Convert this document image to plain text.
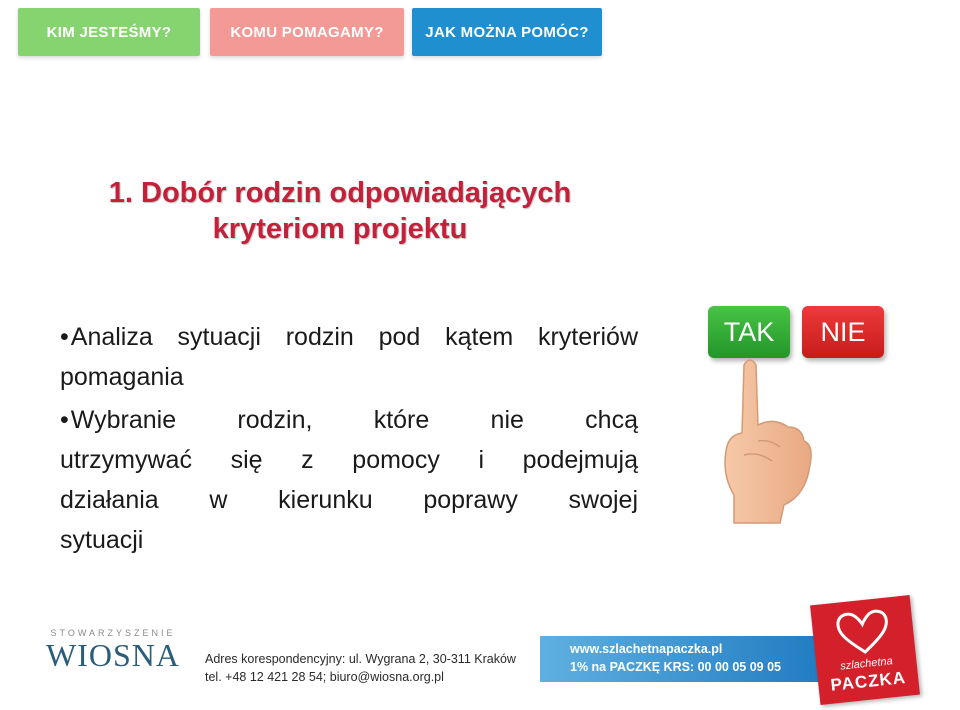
KIM JESTEŚMY?	KOMU POMAGAMY?	JAK MOŻNA POMÓC?
1. Dobór rodzin odpowiadających
kryteriom projektu
•Analiza sytuacji rodzin pod kątem kryteriów pomagania
•Wybranie rodzin, które nie chcą utrzymywać się z pomocy i podejmują działania w kierunku poprawy swojej sytuacji
TAK	NIE
STOWARZYSZENIE
WIOSNA	Adres korespondencyjny: ul. Wygrana 2, 30-311 Kraków
tel. +48 12 421 28 54; biuro@wiosna.org.pl
www.szlachetnapaczka.pl
1% na PACZKĘ KRS: 00 00 05 09 05	szlachetna
PACZKA
